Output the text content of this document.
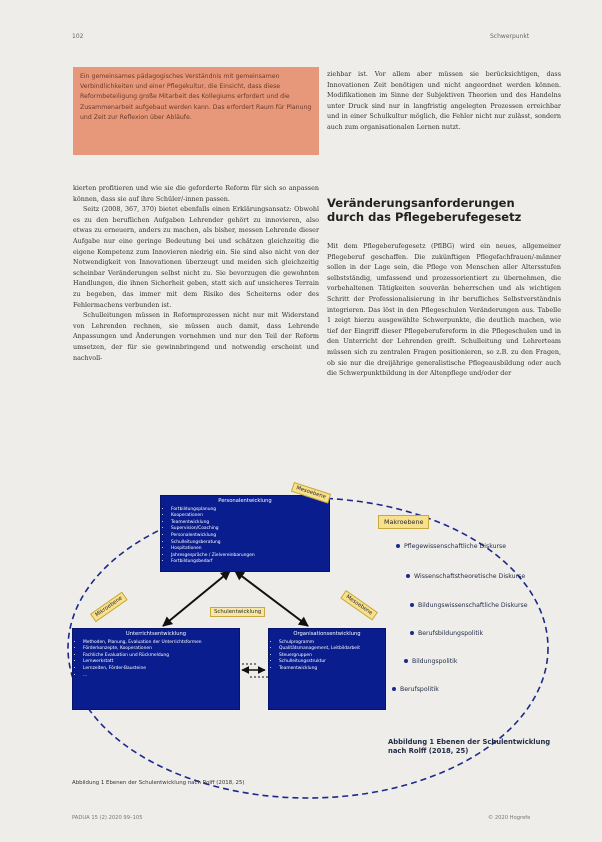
102	Schwerpunkt
Ein gemeinsames pädagogisches Verständnis mit gemeinsamen Verbindlichkeiten und einer Pflegekultur, die Einsicht, dass diese Reformbeteiligung große Mitarbeit des Kollegiums erfordert und die Zusammenarbeit aufgebaut werden kann. Das erfordert Raum für Planung und Zeit zur Reflexion über Abläufe.

kierten profitieren und wie sie die geforderte Reform für sich so anpassen können, dass sie auf ihre Schüler/-innen passen.

Seitz (2008, 367, 370) bietet ebenfalls einen Erklärungsansatz: Obwohl es zu den beruflichen Aufgaben Lehrender gehört zu innovieren, also etwas zu erneuern, anders zu machen, als bisher, messen Lehrende dieser Aufgabe nur eine geringe Bedeutung bei und schätzen gleichzeitig die eigene Kompetenz zum Innovieren niedrig ein. Sie sind also nicht von der Notwendigkeit von Innovationen überzeugt und meiden sich gleichzeitig scheinbar Veränderungen selbst nicht zu. Sie bevorzugen die gewohnten Handlungen, die ihnen Sicherheit geben, statt sich auf unsicheres Terrain zu begeben, das immer mit dem Risiko des Scheiterns oder des Fehlermachens verbunden ist.

Schulleitungen müssen in Reformprozessen nicht nur mit Widerstand von Lehrenden rechnen, sie müssen auch damit, dass Lehrende Anpassungen und Änderungen vornehmen und nur den Teil der Reform umsetzen, der für sie gewinnbringend und notwendig erscheint und nachvoll-

ziehbar ist. Vor allem aber müssen sie berücksichtigen, dass Innovationen Zeit benötigen und nicht angeordnet werden können. Modifikationen im Sinne der Subjektiven Theorien und des Handelns unter Druck sind nur in langfristig angelegten Prozessen erreichbar und in einer Schulkultur möglich, die Fehler nicht nur zulässt, sondern auch zum organisationalen Lernen nutzt.

Veränderungsanforderungen
durch das Pflegeberufegesetz

Mit dem Pflegeberufegesetz (PflBG) wird ein neues, allgemeiner Pflegeberuf geschaffen. Die zukünftigen Pflegefachfrauen/-männer sollen in der Lage sein, die Pflege von Menschen aller Altersstufen selbstständig, umfassend und prozessorientiert zu übernehmen, die vorbehaltenen Tätigkeiten souverän beherrschen und als wichtigen Schritt der Professionalisierung in ihr berufliches Selbstverständnis integrieren. Das löst in den Pflegeschulen Veränderungen aus. Tabelle 1 zeigt hierzu ausgewählte Schwerpunkte, die deutlich machen, wie tief der Eingriff dieser Pflegeberufereform in die Pflegeschulen und in den Unterricht der Lehrenden greift. Schulleitung und Lehrerteam müssen sich zu zentralen Fragen positionieren, so z.B. zu den Fragen, ob sie nur die dreijährige generalistische Pflegeausbildung oder auch die Schwerpunktbildung in der Altenpflege und/oder der

Personalentwicklung
• Fortbildungsplanung
• Kooperationen
• Teamentwicklung
• Supervision/Coaching
• Personalentwicklung
• Schulleitungsberatung
• Hospitationen
• Jahresgespräche / Zielvereinbarungen
• Fortbildungsbedarf
Unterrichtsentwicklung
• Methoden, Planung, Evaluation der Unterrichtsformen
• Förderkonzepte, Kooperationen
• Fachliche Evaluation und Rückmeldung
• Lernwerkstatt
• Lernzeiten, Förder-Bausteine
• ...
Organisationsentwicklung
• Schulprogramm
• Qualitätsmanagement, Leitbildarbeit
• Steuergruppen
• Schulleitungsstruktur
• Teamentwicklung
Mesoebene
Mikroebene	Mesoebene
Schulentwicklung
Makroebene
Pflegewissenschaftliche Diskurse
Wissenschaftstheoretische Diskurse
Bildungswissenschaftliche Diskurse
Berufsbildungspolitik
Bildungspolitik
Berufspolitik
Abbildung 1 Ebenen der Schulentwicklung nach Rolff (2018, 25)
Abbildung 1 Ebenen der Schulentwicklung nach Rolff (2018, 25)
PADUA 15 (2) 2020 99–105	© 2020 Hogrefe
